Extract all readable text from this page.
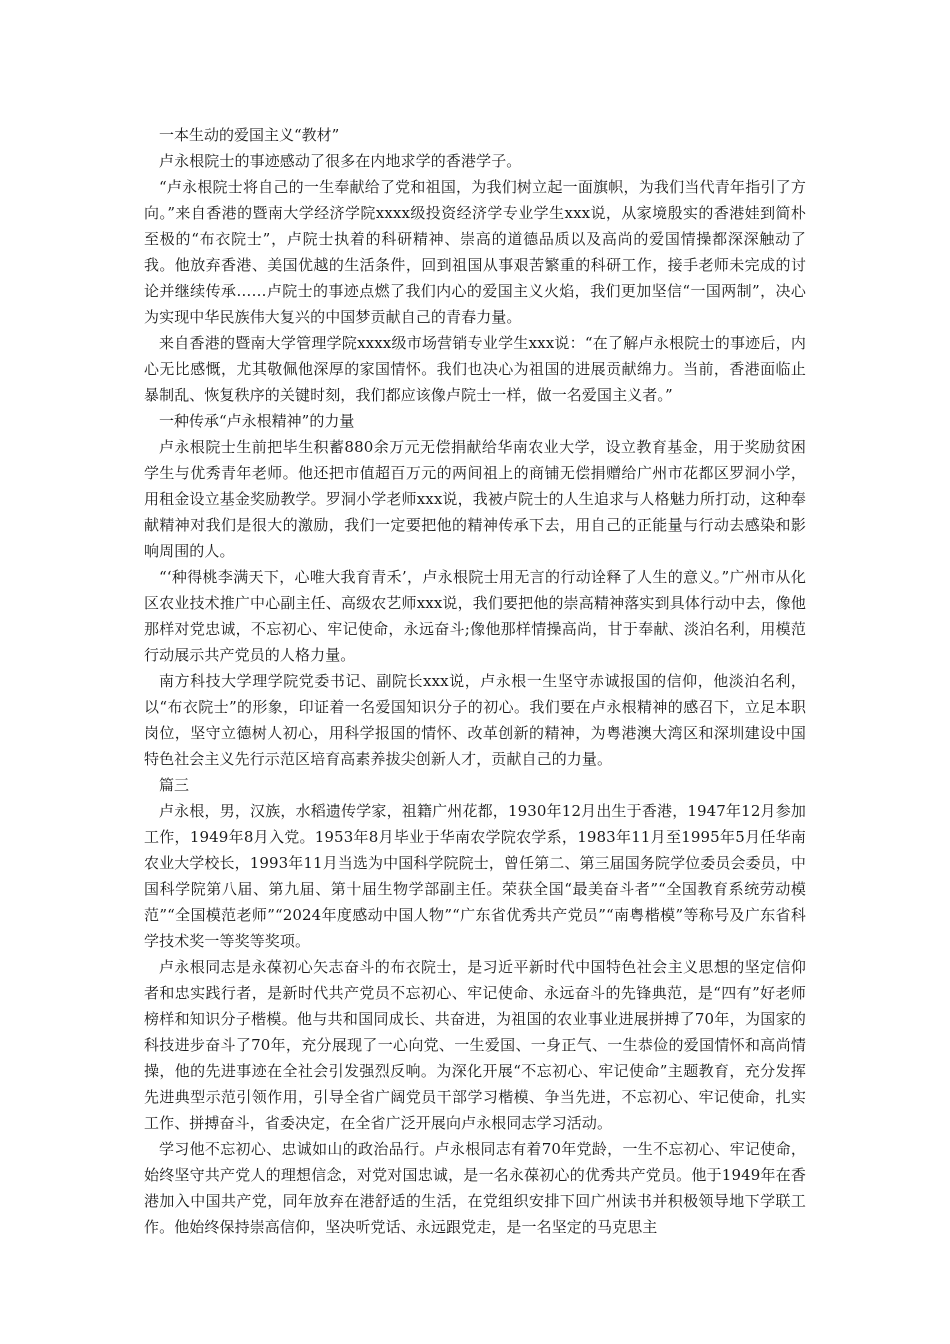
一本生动的爱国主义“教材”

卢永根院士的事迹感动了很多在内地求学的香港学子。

“卢永根院士将自己的一生奉献给了党和祖国，为我们树立起一面旗帜，为我们当代青年指引了方向。”来自香港的暨南大学经济学院xxxx级投资经济学专业学生xxx说，从家境殷实的香港娃到简朴至极的“布衣院士”，卢院士执着的科研精神、崇高的道德品质以及高尚的爱国情操都深深触动了我。他放弃香港、美国优越的生活条件，回到祖国从事艰苦繁重的科研工作，接手老师未完成的讨论并继续传承……卢院士的事迹点燃了我们内心的爱国主义火焰，我们更加坚信“一国两制”，决心为实现中华民族伟大复兴的中国梦贡献自己的青春力量。

来自香港的暨南大学管理学院xxxx级市场营销专业学生xxx说：“在了解卢永根院士的事迹后，内心无比感慨，尤其敬佩他深厚的家国情怀。我们也决心为祖国的进展贡献绵力。当前，香港面临止暴制乱、恢复秩序的关键时刻，我们都应该像卢院士一样，做一名爱国主义者。”

一种传承“卢永根精神”的力量

卢永根院士生前把毕生积蓄880余万元无偿捐献给华南农业大学，设立教育基金，用于奖励贫困学生与优秀青年老师。他还把市值超百万元的两间祖上的商铺无偿捐赠给广州市花都区罗洞小学，用租金设立基金奖励教学。罗洞小学老师xxx说，我被卢院士的人生追求与人格魅力所打动，这种奉献精神对我们是很大的激励，我们一定要把他的精神传承下去，用自己的正能量与行动去感染和影响周围的人。

“‘种得桃李满天下，心唯大我育青禾’，卢永根院士用无言的行动诠释了人生的意义。”广州市从化区农业技术推广中心副主任、高级农艺师xxx说，我们要把他的崇高精神落实到具体行动中去，像他那样对党忠诚，不忘初心、牢记使命，永远奋斗;像他那样情操高尚，甘于奉献、淡泊名利，用模范行动展示共产党员的人格力量。

南方科技大学理学院党委书记、副院长xxx说，卢永根一生坚守赤诚报国的信仰，他淡泊名利，以“布衣院士”的形象，印证着一名爱国知识分子的初心。我们要在卢永根精神的感召下，立足本职岗位，坚守立德树人初心，用科学报国的情怀、改革创新的精神，为粤港澳大湾区和深圳建设中国特色社会主义先行示范区培育高素养拔尖创新人才，贡献自己的力量。

篇三

卢永根，男，汉族，水稻遗传学家，祖籍广州花都，1930年12月出生于香港，1947年12月参加工作，1949年8月入党。1953年8月毕业于华南农学院农学系，1983年11月至1995年5月任华南农业大学校长，1993年11月当选为中国科学院院士，曾任第二、第三届国务院学位委员会委员，中国科学院第八届、第九届、第十届生物学部副主任。荣获全国“最美奋斗者”“全国教育系统劳动模范”“全国模范老师”“2024年度感动中国人物”“广东省优秀共产党员”“南粤楷模”等称号及广东省科学技术奖一等奖等奖项。

卢永根同志是永葆初心矢志奋斗的布衣院士，是习近平新时代中国特色社会主义思想的坚定信仰者和忠实践行者，是新时代共产党员不忘初心、牢记使命、永远奋斗的先锋典范，是“四有”好老师榜样和知识分子楷模。他与共和国同成长、共奋进，为祖国的农业事业进展拼搏了70年，为国家的科技进步奋斗了70年，充分展现了一心向党、一生爱国、一身正气、一生恭俭的爱国情怀和高尚情操，他的先进事迹在全社会引发强烈反响。为深化开展“不忘初心、牢记使命”主题教育，充分发挥先进典型示范引领作用，引导全省广阔党员干部学习楷模、争当先进，不忘初心、牢记使命，扎实工作、拼搏奋斗，省委决定，在全省广泛开展向卢永根同志学习活动。

学习他不忘初心、忠诚如山的政治品行。卢永根同志有着70年党龄，一生不忘初心、牢记使命，始终坚守共产党人的理想信念，对党对国忠诚，是一名永葆初心的优秀共产党员。他于1949年在香港加入中国共产党，同年放弃在港舒适的生活，在党组织安排下回广州读书并积极领导地下学联工作。他始终保持崇高信仰，坚决听党话、永远跟党走，是一名坚定的马克思主
